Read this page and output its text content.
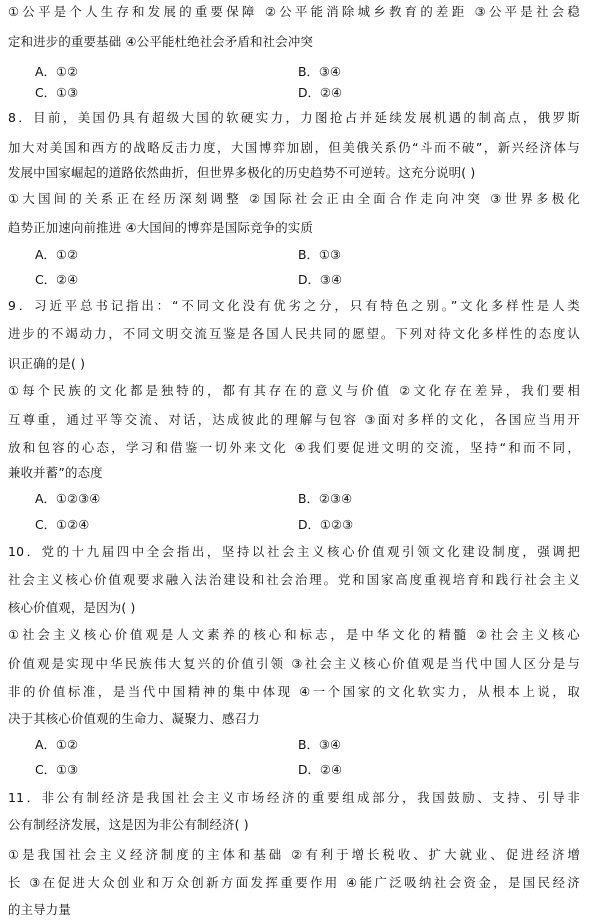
①公平是个人生存和发展的重要保障 ②公平能消除城乡教育的差距 ③公平是社会稳
定和进步的重要基础 ④公平能杜绝社会矛盾和社会冲突
A．①②	B．③④
C．①③	D．②④
8．目前，美国仍具有超级大国的软硬实力，力图抢占并延续发展机遇的制高点，俄罗斯
加大对美国和西方的战略反击力度，大国博弈加剧，但美俄关系仍“斗而不破”，新兴经济体与
发展中国家崛起的道路依然曲折，但世界多极化的历史趋势不可逆转。这充分说明( )
①大国间的关系正在经历深刻调整 ②国际社会正由全面合作走向冲突 ③世界多极化
趋势正加速向前推进 ④大国间的博弈是国际竞争的实质
A．①②	B．①③
C．②④	D．③④
9．习近平总书记指出：“不同文化没有优劣之分，只有特色之别。”文化多样性是人类
进步的不竭动力，不同文明交流互鉴是各国人民共同的愿望。下列对待文化多样性的态度认
识正确的是( )
①每个民族的文化都是独特的，都有其存在的意义与价值 ②文化存在差异，我们要相
互尊重，通过平等交流、对话，达成彼此的理解与包容 ③面对多样的文化，各国应当用开
放和包容的心态，学习和借鉴一切外来文化 ④我们要促进文明的交流，坚持“和而不同，
兼收并蓄”的态度
A．①②③④	B．②③④
C．①②④	D．①②③
10．党的十九届四中全会指出，坚持以社会主义核心价值观引领文化建设制度，强调把
社会主义核心价值观要求融入法治建设和社会治理。党和国家高度重视培育和践行社会主义
核心价值观，是因为( )
①社会主义核心价值观是人文素养的核心和标志，是中华文化的精髓 ②社会主义核心
价值观是实现中华民族伟大复兴的价值引领 ③社会主义核心价值观是当代中国人区分是与
非的价值标准，是当代中国精神的集中体现 ④一个国家的文化软实力，从根本上说，取
决于其核心价值观的生命力、凝聚力、感召力
A．①②	B．③④
C．①③	D．②④
11．非公有制经济是我国社会主义市场经济的重要组成部分，我国鼓励、支持、引导非
公有制经济发展，这是因为非公有制经济( )
①是我国社会主义经济制度的主体和基础 ②有利于增长税收、扩大就业、促进经济增
长 ③在促进大众创业和万众创新方面发挥重要作用 ④能广泛吸纳社会资金，是国民经济
的主导力量
